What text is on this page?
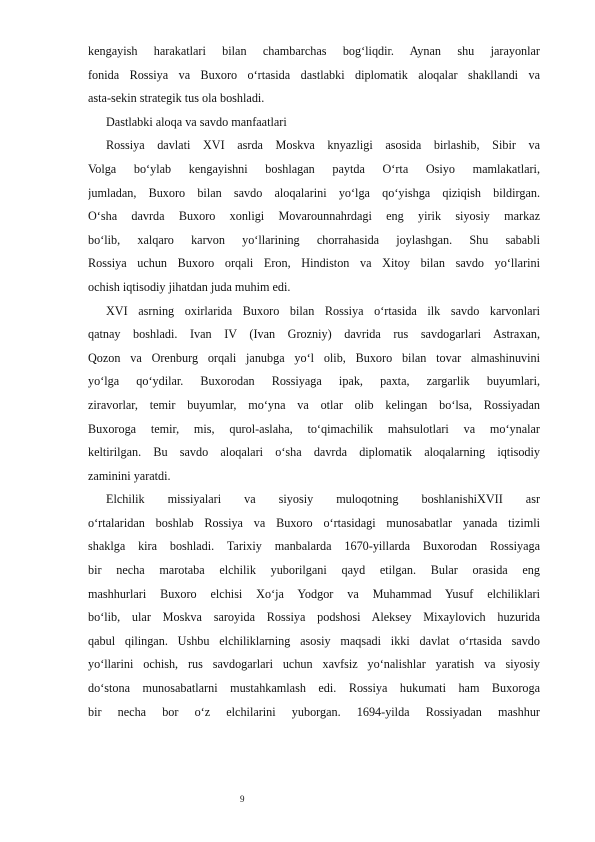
kengayish harakatlari bilan chambarchas bog‘liqdir. Aynan shu jarayonlar
fonida Rossiya va Buxoro o‘rtasida dastlabki diplomatik aloqalar shakllandi va
asta-sekin strategik tus ola boshladi.
Dastlabki aloqa va savdo manfaatlari
Rossiya davlati XVI asrda Moskva knyazligi asosida birlashib, Sibir va
Volga bo‘ylab kengayishni boshlagan paytda O‘rta Osiyo mamlakatlari,
jumladan, Buxoro bilan savdo aloqalarini yo‘lga qo‘yishga qiziqish bildirgan.
O‘sha davrda Buxoro xonligi Movarounnahrdagi eng yirik siyosiy markaz
bo‘lib, xalqaro karvon yo‘llarining chorrahasida joylashgan. Shu sababli
Rossiya uchun Buxoro orqali Eron, Hindiston va Xitoy bilan savdo yo‘llarini
ochish iqtisodiy jihatdan juda muhim edi.
XVI asrning oxirlarida Buxoro bilan Rossiya o‘rtasida ilk savdo karvonlari
qatnay boshladi. Ivan IV (Ivan Grozniy) davrida rus savdogarlari Astraxan,
Qozon va Orenburg orqali janubga yo‘l olib, Buxoro bilan tovar almashinuvini
yo‘lga qo‘ydilar. Buxorodan Rossiyaga ipak, paxta, zargarlik buyumlari,
ziravorlar, temir buyumlar, mo‘yna va otlar olib kelingan bo‘lsa, Rossiyadan
Buxoroga temir, mis, qurol-aslaha, to‘qimachilik mahsulotlari va mo‘ynalar
keltirilgan. Bu savdo aloqalari o‘sha davrda diplomatik aloqalarning iqtisodiy
zaminini yaratdi.
Elchilik missiyalari va siyosiy muloqotning boshlanishiXVII asr
o‘rtalaridan boshlab Rossiya va Buxoro o‘rtasidagi munosabatlar yanada tizimli
shaklga kira boshladi. Tarixiy manbalarda 1670-yillarda Buxorodan Rossiyaga
bir necha marotaba elchilik yuborilgani qayd etilgan. Bular orasida eng
mashhurlari Buxoro elchisi Xo‘ja Yodgor va Muhammad Yusuf elchiliklari
bo‘lib, ular Moskva saroyida Rossiya podshosi Aleksey Mixaylovich huzurida
qabul qilingan. Ushbu elchiliklarning asosiy maqsadi ikki davlat o‘rtasida savdo
yo‘llarini ochish, rus savdogarlari uchun xavfsiz yo‘nalishlar yaratish va siyosiy
do‘stona munosabatlarni mustahkamlash edi. Rossiya hukumati ham Buxoroga
bir necha bor o‘z elchilarini yuborgan. 1694-yilda Rossiyadan mashhur
9
